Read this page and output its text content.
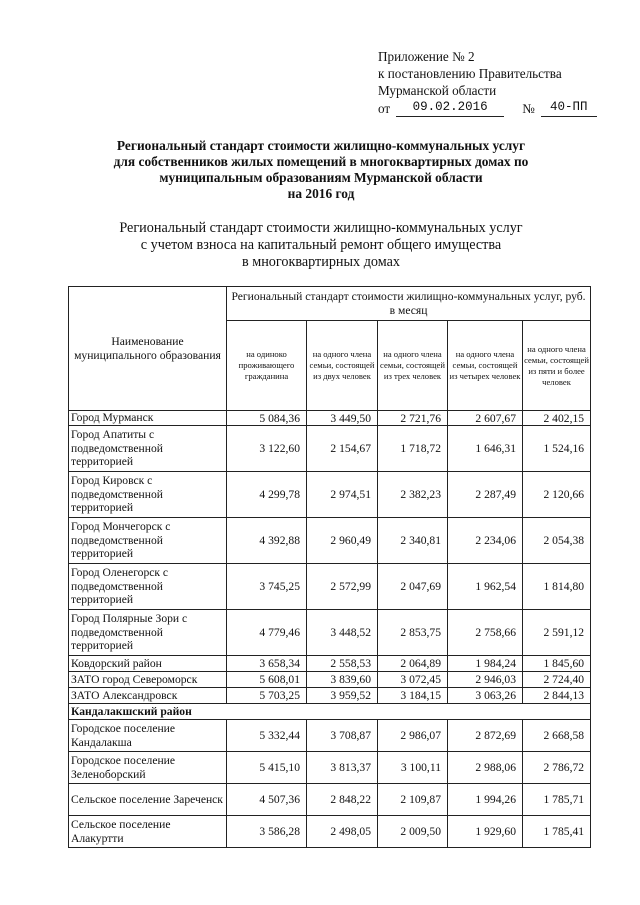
Приложение № 2
к постановлению Правительства
Мурманской области
от	09.02.2016	№	40-ПП
Региональный стандарт стоимости жилищно-коммунальных услуг
для собственников жилых помещений в многоквартирных домах по
муниципальным образованиям Мурманской области
на 2016 год
Региональный стандарт стоимости жилищно-коммунальных услуг
с учетом взноса на капитальный ремонт общего имущества
в многоквартирных домах
Наименование муниципального образования	Региональный стандарт стоимости жилищно-коммунальных услуг, руб. в месяц				
	на одиноко проживающего гражданина	на одного члена семьи, состоящей из двух человек	на одного члена семьи, состоящей из трех человек	на одного члена семьи, состоящей из четырех человек	на одного члена семьи, состоящей из пяти и более человек
Город Мурманск	5 084,36	3 449,50	2 721,76	2 607,67	2 402,15
Город Апатиты с подведомственной территорией	3 122,60	2 154,67	1 718,72	1 646,31	1 524,16
Город Кировск с подведомственной территорией	4 299,78	2 974,51	2 382,23	2 287,49	2 120,66
Город Мончегорск с подведомственной территорией	4 392,88	2 960,49	2 340,81	2 234,06	2 054,38
Город Оленегорск с подведомственной территорией	3 745,25	2 572,99	2 047,69	1 962,54	1 814,80
Город Полярные Зори с подведомственной территорией	4 779,46	3 448,52	2 853,75	2 758,66	2 591,12
Ковдорский район	3 658,34	2 558,53	2 064,89	1 984,24	1 845,60
ЗАТО город Североморск	5 608,01	3 839,60	3 072,45	2 946,03	2 724,40
ЗАТО Александровск	5 703,25	3 959,52	3 184,15	3 063,26	2 844,13
Кандалакшский район					
Городское поселение Кандалакша	5 332,44	3 708,87	2 986,07	2 872,69	2 668,58
Городское поселение Зеленоборский	5 415,10	3 813,37	3 100,11	2 988,06	2 786,72
Сельское поселение Зареченск	4 507,36	2 848,22	2 109,87	1 994,26	1 785,71
Сельское поселение Алакуртти	3 586,28	2 498,05	2 009,50	1 929,60	1 785,41
